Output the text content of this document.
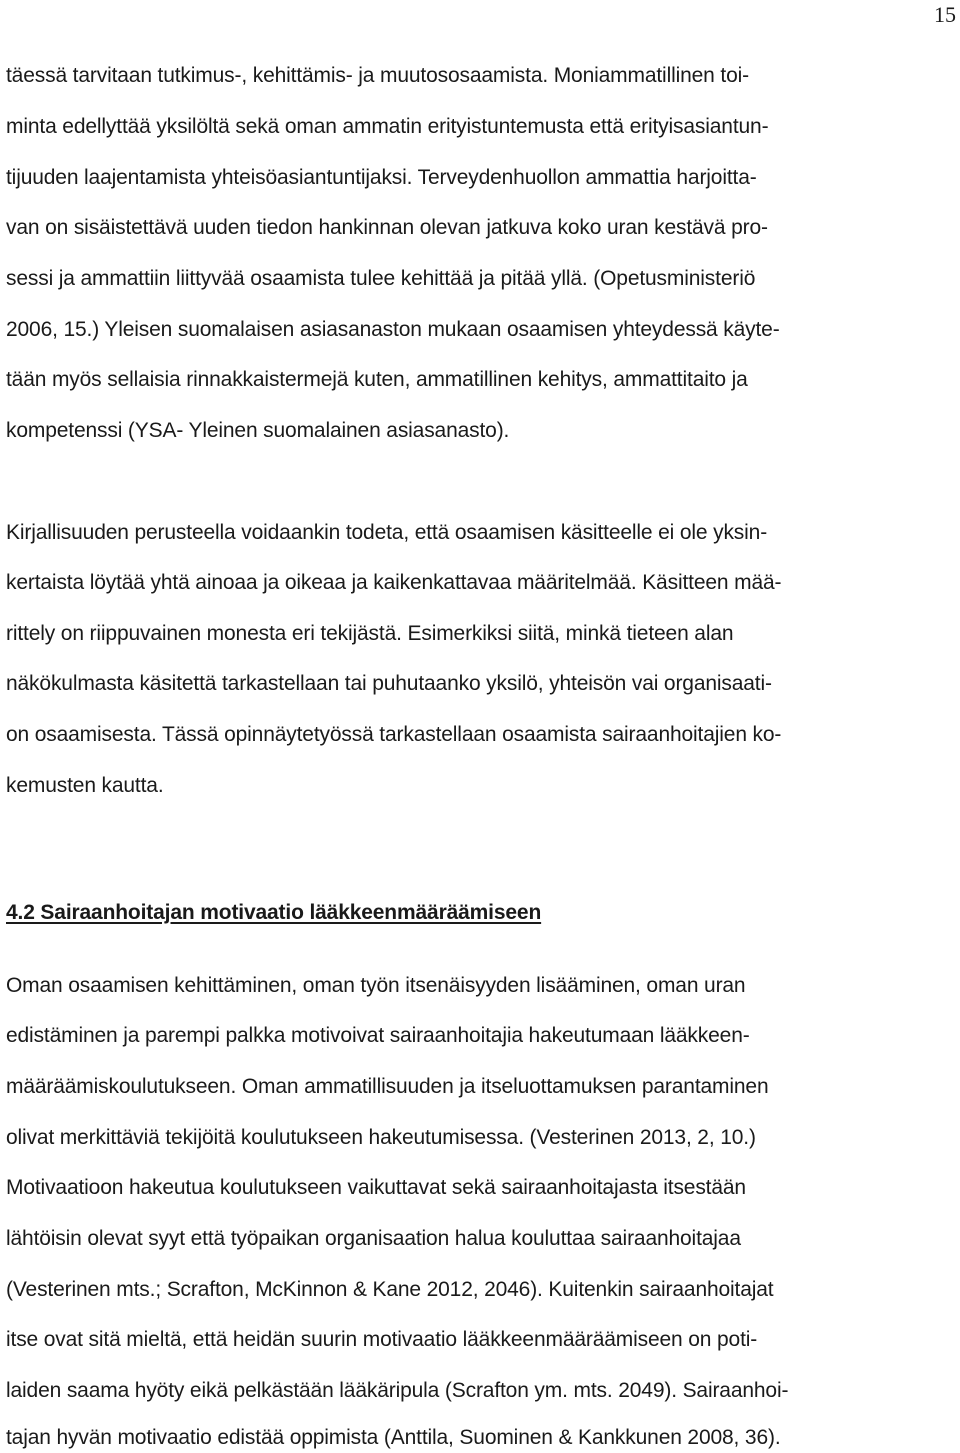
15
täessä tarvitaan tutkimus-, kehittämis- ja muutososaamista. Moniammatillinen toi-
minta edellyttää yksilöltä sekä oman ammatin erityistuntemusta että erityisasiantun-
tijuuden laajentamista yhteisöasiantuntijaksi. Terveydenhuollon ammattia harjoitta-
van on sisäistettävä uuden tiedon hankinnan olevan jatkuva koko uran kestävä pro-
sessi ja ammattiin liittyvää osaamista tulee kehittää ja pitää yllä. (Opetusministeriö
2006, 15.) Yleisen suomalaisen asiasanaston mukaan osaamisen yhteydessä käyte-
tään myös sellaisia rinnakkaistermejä kuten, ammatillinen kehitys, ammattitaito ja
kompetenssi (YSA- Yleinen suomalainen asiasanasto).
Kirjallisuuden perusteella voidaankin todeta, että osaamisen käsitteelle ei ole yksin-
kertaista löytää yhtä ainoaa ja oikeaa ja kaikenkattavaa määritelmää. Käsitteen mää-
rittely on riippuvainen monesta eri tekijästä. Esimerkiksi siitä, minkä tieteen alan
näkökulmasta käsitettä tarkastellaan tai puhutaanko yksilö, yhteisön vai organisaati-
on osaamisesta. Tässä opinnäytetyössä tarkastellaan osaamista sairaanhoitajien ko-
kemusten kautta.
4.2 Sairaanhoitajan motivaatio lääkkeenmääräämiseen
Oman osaamisen kehittäminen, oman työn itsenäisyyden lisääminen, oman uran
edistäminen ja parempi palkka motivoivat sairaanhoitajia hakeutumaan lääkkeen-
määräämiskoulutukseen. Oman ammatillisuuden ja itseluottamuksen parantaminen
olivat merkittäviä tekijöitä koulutukseen hakeutumisessa. (Vesterinen 2013, 2, 10.)
Motivaatioon hakeutua koulutukseen vaikuttavat sekä sairaanhoitajasta itsestään
lähtöisin olevat syyt että työpaikan organisaation halua kouluttaa sairaanhoitajaa
(Vesterinen mts.; Scrafton, McKinnon & Kane 2012, 2046). Kuitenkin sairaanhoitajat
itse ovat sitä mieltä, että heidän suurin motivaatio lääkkeenmääräämiseen on poti-
laiden saama hyöty eikä pelkästään lääkäripula (Scrafton ym. mts. 2049). Sairaanhoi-
tajan hyvän motivaatio edistää oppimista (Anttila, Suominen & Kankkunen 2008, 36).
